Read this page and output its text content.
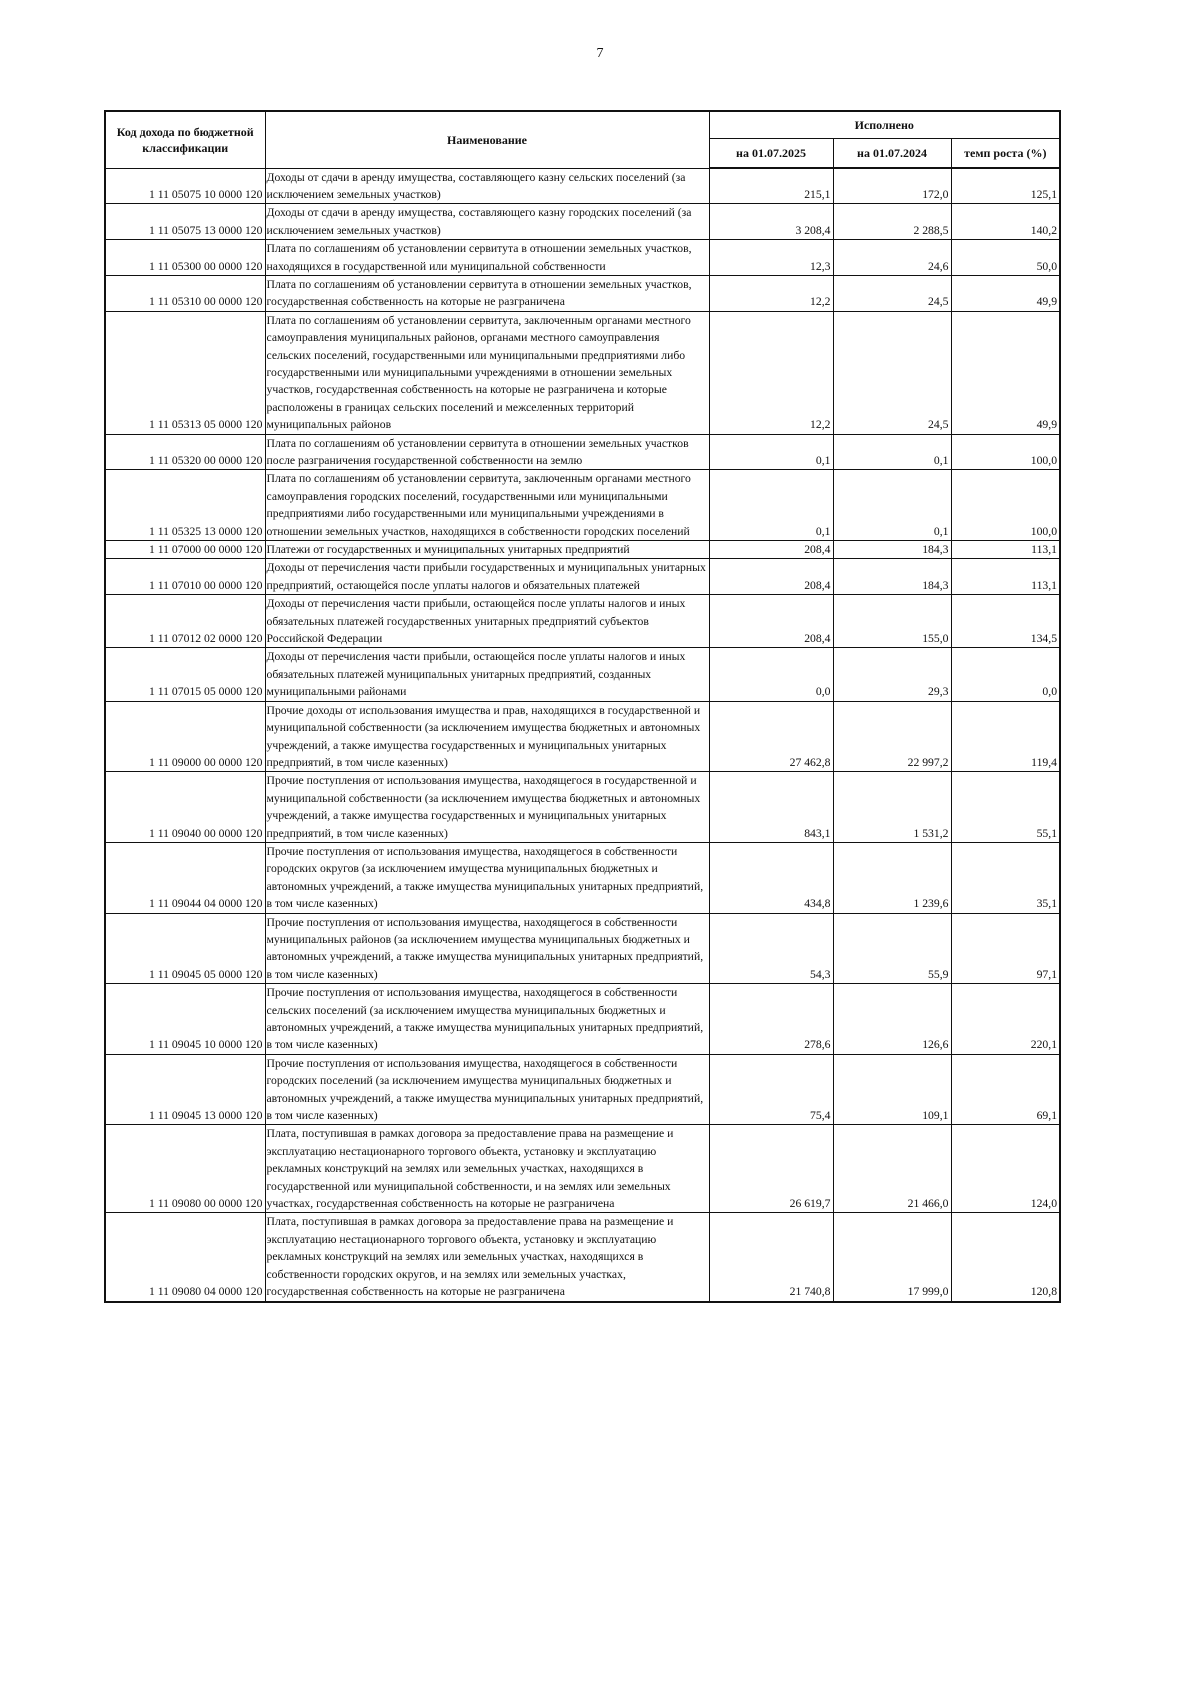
7
Код дохода по бюджетной классификации	Наименование	Исполнено		
		на 01.07.2025	на 01.07.2024	темп роста (%)
1 11 05075 10 0000 120	Доходы от сдачи в аренду имущества, составляющего казну сельских поселений (за исключением земельных участков)	215,1	172,0	125,1
1 11 05075 13 0000 120	Доходы от сдачи в аренду имущества, составляющего казну городских поселений (за исключением земельных участков)	3 208,4	2 288,5	140,2
1 11 05300 00 0000 120	Плата по соглашениям об установлении сервитута в отношении земельных участков, находящихся в государственной или муниципальной собственности	12,3	24,6	50,0
1 11 05310 00 0000 120	Плата по соглашениям об установлении сервитута в отношении земельных участков, государственная собственность на которые не разграничена	12,2	24,5	49,9
1 11 05313 05 0000 120	Плата по соглашениям об установлении сервитута, заключенным органами местного самоуправления муниципальных районов, органами местного самоуправления сельских поселений, государственными или муниципальными предприятиями либо государственными или муниципальными учреждениями в отношении земельных участков, государственная собственность на которые не разграничена и которые расположены в границах сельских поселений и межселенных территорий муниципальных районов	12,2	24,5	49,9
1 11 05320 00 0000 120	Плата по соглашениям об установлении сервитута в отношении земельных участков после разграничения государственной собственности на землю	0,1	0,1	100,0
1 11 05325 13 0000 120	Плата по соглашениям об установлении сервитута, заключенным органами местного самоуправления городских поселений, государственными или муниципальными предприятиями либо государственными или муниципальными учреждениями в отношении земельных участков, находящихся в собственности городских поселений	0,1	0,1	100,0
1 11 07000 00 0000 120	Платежи от государственных и муниципальных унитарных предприятий	208,4	184,3	113,1
1 11 07010 00 0000 120	Доходы от перечисления части прибыли государственных и муниципальных унитарных предприятий, остающейся после уплаты налогов и обязательных платежей	208,4	184,3	113,1
1 11 07012 02 0000 120	Доходы от перечисления части прибыли, остающейся после уплаты налогов и иных обязательных платежей государственных унитарных предприятий субъектов Российской Федерации	208,4	155,0	134,5
1 11 07015 05 0000 120	Доходы от перечисления части прибыли, остающейся после уплаты налогов и иных обязательных платежей муниципальных унитарных предприятий, созданных муниципальными районами	0,0	29,3	0,0
1 11 09000 00 0000 120	Прочие доходы от использования имущества и прав, находящихся в государственной и муниципальной собственности (за исключением имущества бюджетных и автономных учреждений, а также имущества государственных и муниципальных унитарных предприятий, в том числе казенных)	27 462,8	22 997,2	119,4
1 11 09040 00 0000 120	Прочие поступления от использования имущества, находящегося в государственной и муниципальной собственности (за исключением имущества бюджетных и автономных учреждений, а также имущества государственных и муниципальных унитарных предприятий, в том числе казенных)	843,1	1 531,2	55,1
1 11 09044 04 0000 120	Прочие поступления от использования имущества, находящегося в собственности городских округов (за исключением имущества муниципальных бюджетных и автономных учреждений, а также имущества муниципальных унитарных предприятий, в том числе казенных)	434,8	1 239,6	35,1
1 11 09045 05 0000 120	Прочие поступления от использования имущества, находящегося в собственности муниципальных районов (за исключением имущества муниципальных бюджетных и автономных учреждений, а также имущества муниципальных унитарных предприятий, в том числе казенных)	54,3	55,9	97,1
1 11 09045 10 0000 120	Прочие поступления от использования имущества, находящегося в собственности сельских поселений (за исключением имущества муниципальных бюджетных и автономных учреждений, а также имущества муниципальных унитарных предприятий, в том числе казенных)	278,6	126,6	220,1
1 11 09045 13 0000 120	Прочие поступления от использования имущества, находящегося в собственности городских поселений (за исключением имущества муниципальных бюджетных и автономных учреждений, а также имущества муниципальных унитарных предприятий, в том числе казенных)	75,4	109,1	69,1
1 11 09080 00 0000 120	Плата, поступившая в рамках договора за предоставление права на размещение и эксплуатацию нестационарного торгового объекта, установку и эксплуатацию рекламных конструкций на землях или земельных участках, находящихся в государственной или муниципальной собственности, и на землях или земельных участках, государственная собственность на которые не разграничена	26 619,7	21 466,0	124,0
1 11 09080 04 0000 120	Плата, поступившая в рамках договора за предоставление права на размещение и эксплуатацию нестационарного торгового объекта, установку и эксплуатацию рекламных конструкций на землях или земельных участках, находящихся в собственности городских округов, и на землях или земельных участках, государственная собственность на которые не разграничена	21 740,8	17 999,0	120,8
